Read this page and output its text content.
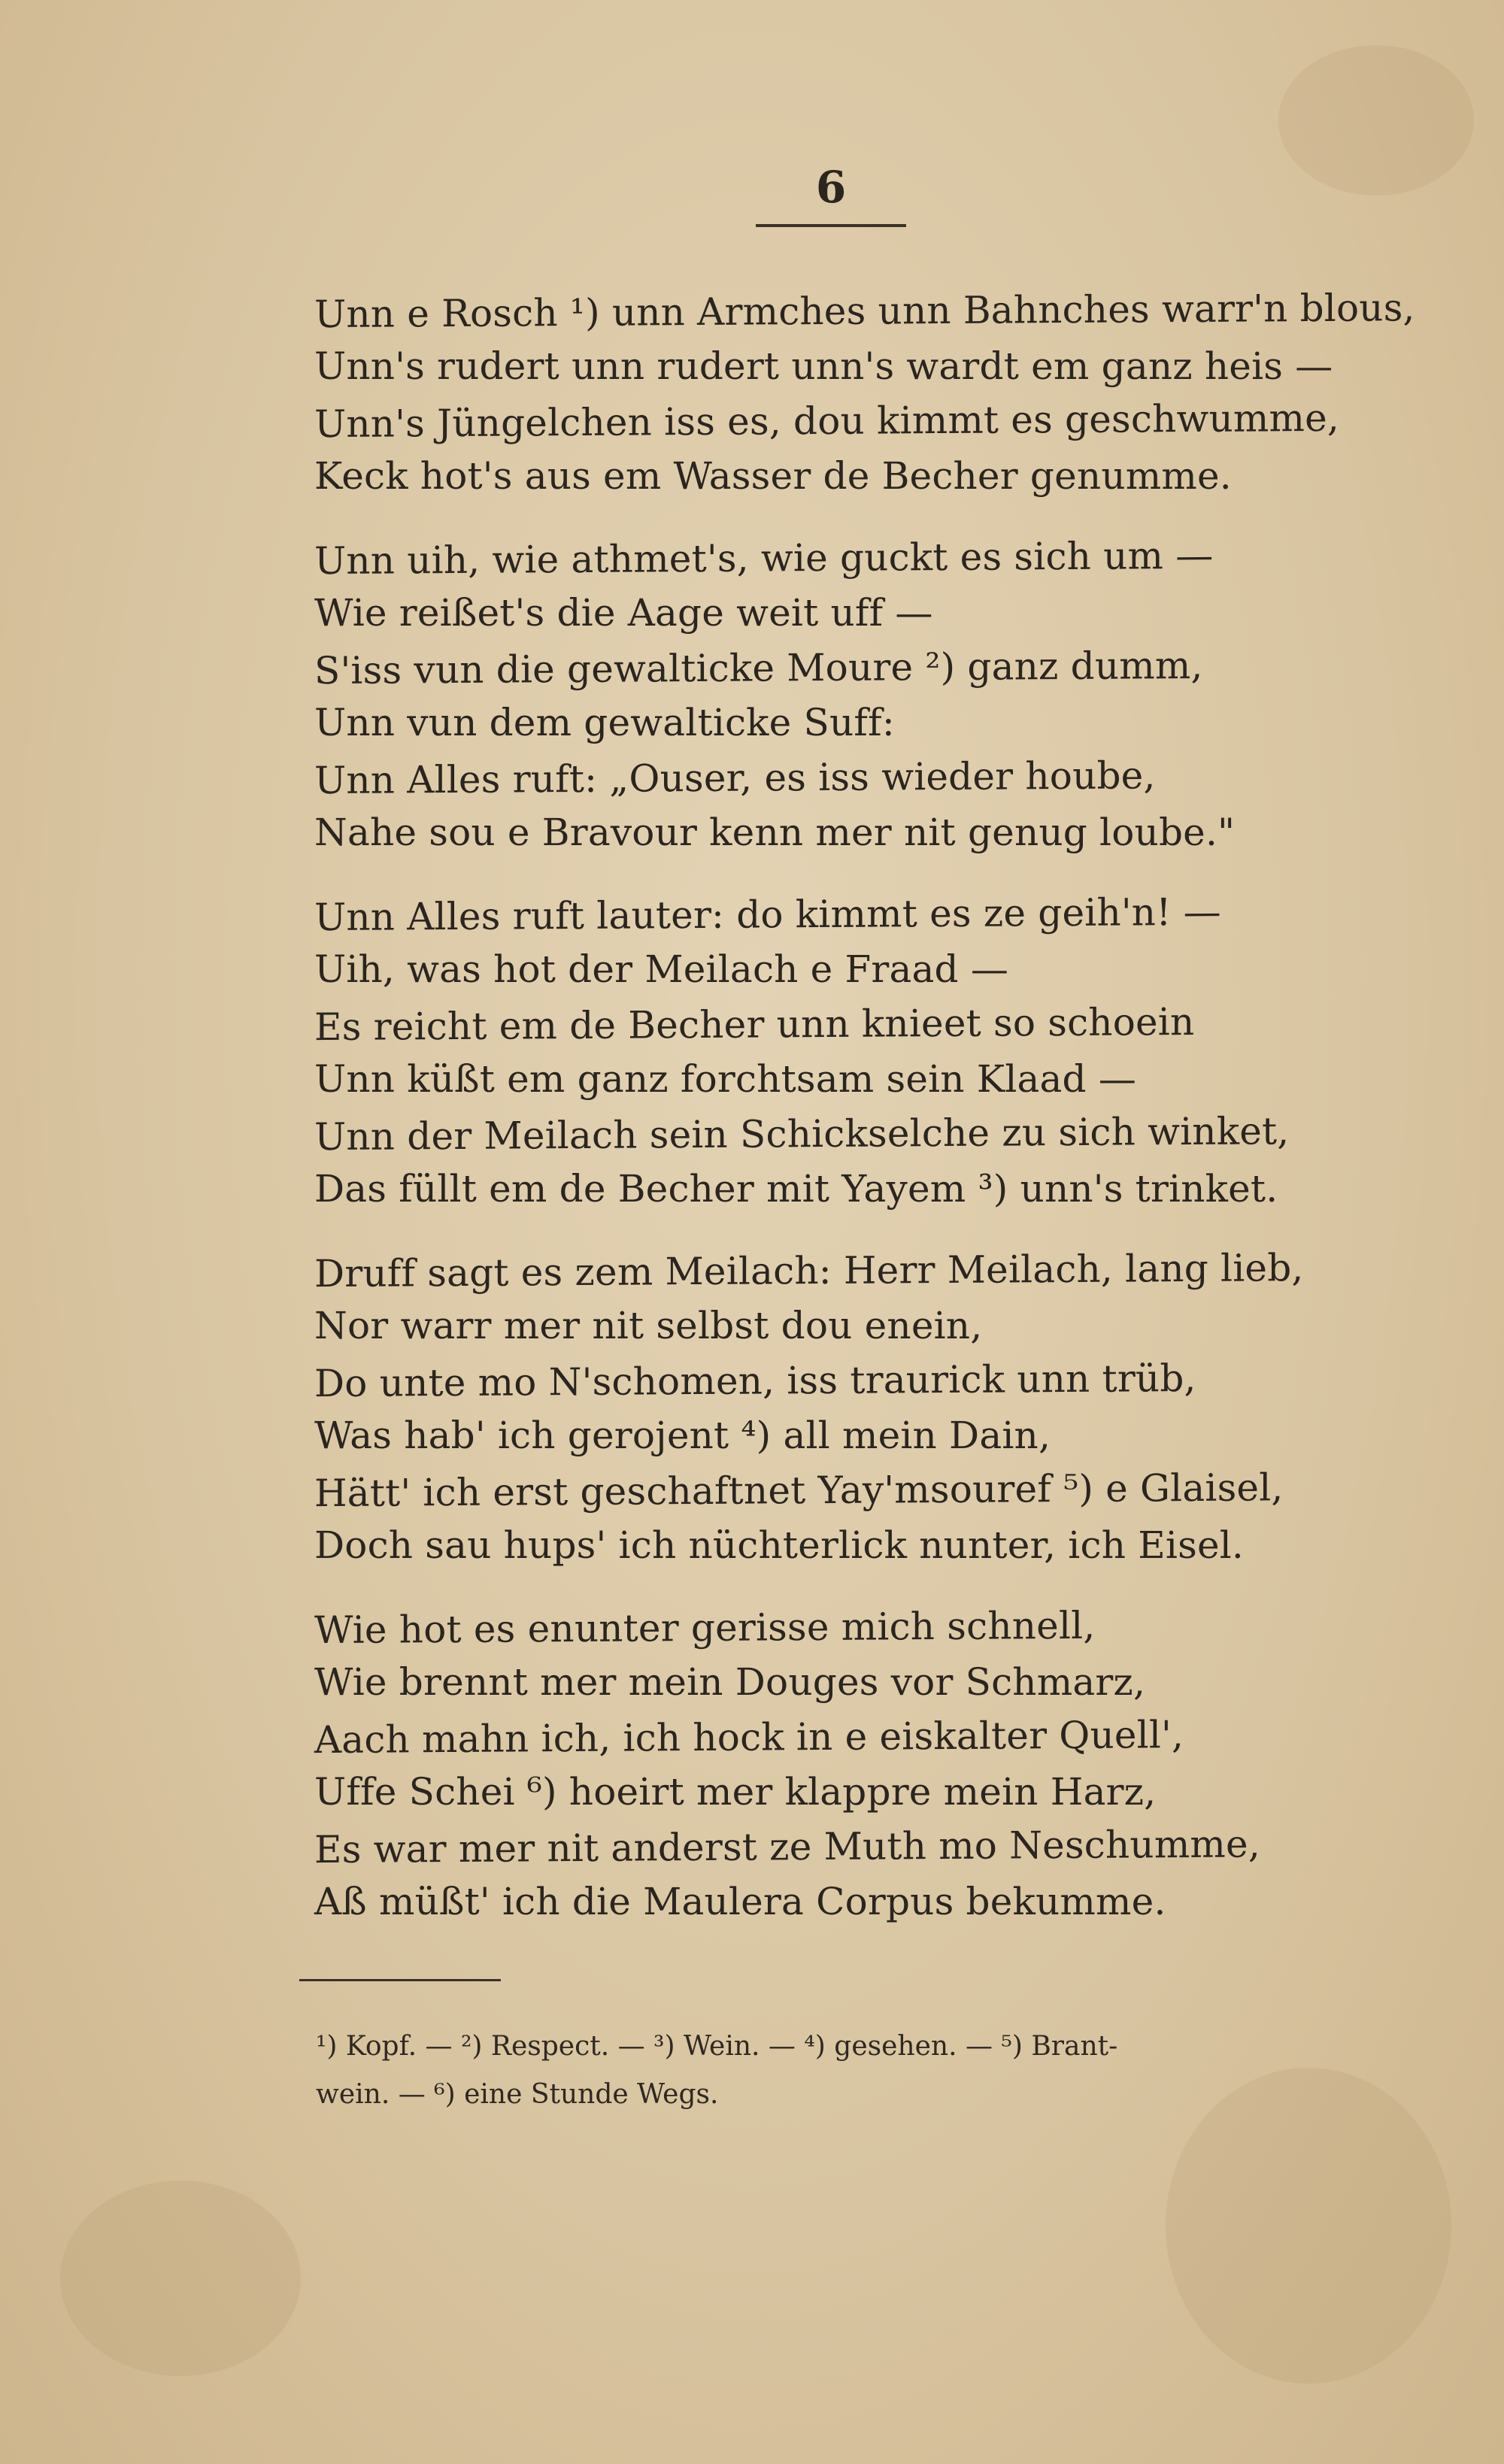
6
Unn e Rosch ¹) unn Armches unn Bahnches warr'n blous,
Unn's rudert unn rudert unn's wardt em ganz heis —
Unn's Jüngelchen iss es, dou kimmt es geschwumme,
Keck hot's aus em Wasser de Becher genumme.
Unn uih, wie athmet's, wie guckt es sich um —
Wie reißet's die Aage weit uff —
S'iss vun die gewalticke Moure ²) ganz dumm,
Unn vun dem gewalticke Suff:
Unn Alles ruft: „Ouser, es iss wieder hoube,
Nahe sou e Bravour kenn mer nit genug loube."
Unn Alles ruft lauter: do kimmt es ze geih'n! —
Uih, was hot der Meilach e Fraad —
Es reicht em de Becher unn knieet so schoein
Unn küßt em ganz forchtsam sein Klaad —
Unn der Meilach sein Schickselche zu sich winket,
Das füllt em de Becher mit Yayem ³) unn's trinket.
Druff sagt es zem Meilach: Herr Meilach, lang lieb,
Nor warr mer nit selbst dou enein,
Do unte mo N'schomen, iss traurick unn trüb,
Was hab' ich gerojent ⁴) all mein Dain,
Hätt' ich erst geschaftnet Yay'msouref ⁵) e Glaisel,
Doch sau hups' ich nüchterlick nunter, ich Eisel.
Wie hot es enunter gerisse mich schnell,
Wie brennt mer mein Douges vor Schmarz,
Aach mahn ich, ich hock in e eiskalter Quell',
Uffe Schei ⁶) hoeirt mer klappre mein Harz,
Es war mer nit anderst ze Muth mo Neschumme,
Aß müßt' ich die Maulera Corpus bekumme.
¹) Kopf. — ²) Respect. — ³) Wein. — ⁴) gesehen. — ⁵) Brant-
wein. — ⁶) eine Stunde Wegs.
